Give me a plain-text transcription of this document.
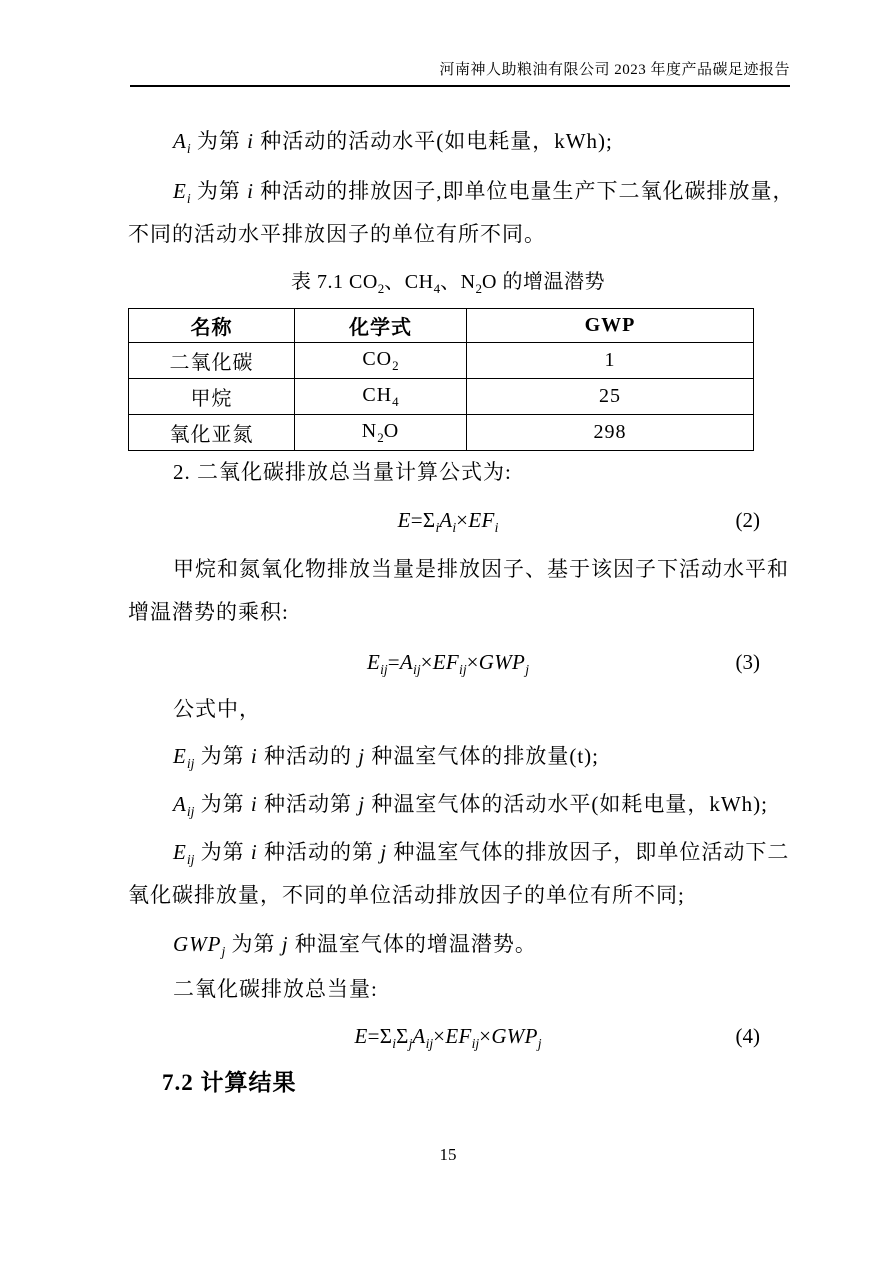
河南神人助粮油有限公司 2023 年度产品碳足迹报告
$A_i$ 为第 i 种活动的活动水平(如电耗量，kWh);
$E_i$ 为第 i 种活动的排放因子,即单位电量生产下二氧化碳排放量，
不同的活动水平排放因子的单位有所不同。
表 7.1 $CO_2$、$CH_4$、$N_2O$ 的增温潜势
名称	化学式	GWP
二氧化碳	$CO_2$	1
甲烷	$CH_4$	25
氧化亚氮	$N_2O$	298
2. 二氧化碳排放总当量计算公式为:
$E=\Sigma_iA_i\times EF_i$	(2)
甲烷和氮氧化物排放当量是排放因子、基于该因子下活动水平和
增温潜势的乘积:
$E_{ij}=A_{ij}\times EF_{ij}\times GWP_j$	(3)
公式中，
$E_{ij}$ 为第 i 种活动的 j 种温室气体的排放量(t);
$A_{ij}$ 为第 i 种活动第 j 种温室气体的活动水平(如耗电量，kWh);
$E_{ij}$ 为第 i 种活动的第 j 种温室气体的排放因子，即单位活动下二
氧化碳排放量，不同的单位活动排放因子的单位有所不同;
$GWP_j$ 为第 j 种温室气体的增温潜势。
二氧化碳排放总当量:
$E=\Sigma_i\Sigma_jA_{ij}\times EF_{ij}\times GWP_j$	(4)
7.2 计算结果
15
